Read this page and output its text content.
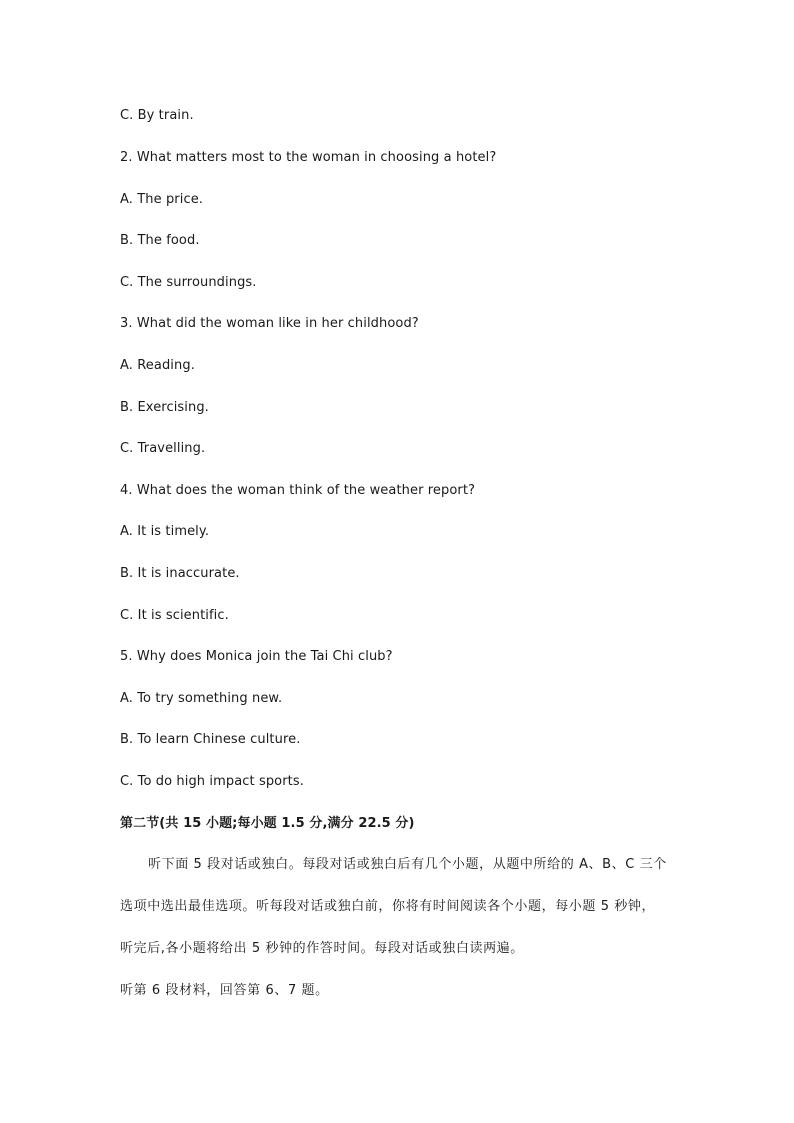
C. By train.
2. What matters most to the woman in choosing a hotel?
A. The price.
B. The food.
C. The surroundings.
3. What did the woman like in her childhood?
A. Reading.
B. Exercising.
C. Travelling.
4. What does the woman think of the weather report?
A. It is timely.
B. It is inaccurate.
C. It is scientific.
5. Why does Monica join the Tai Chi club?
A. To try something new.
B. To learn Chinese culture.
C. To do high impact sports.
第二节(共 15 小题;每小题 1.5 分,满分 22.5 分)
听下面 5 段对话或独白。每段对话或独白后有几个小题，从题中所给的 A、B、C 三个
选项中选出最佳选项。听每段对话或独白前，你将有时间阅读各个小题，每小题 5 秒钟，
听完后,各小题将给出 5 秒钟的作答时间。每段对话或独白读两遍。
听第 6 段材料，回答第 6、7 题。
